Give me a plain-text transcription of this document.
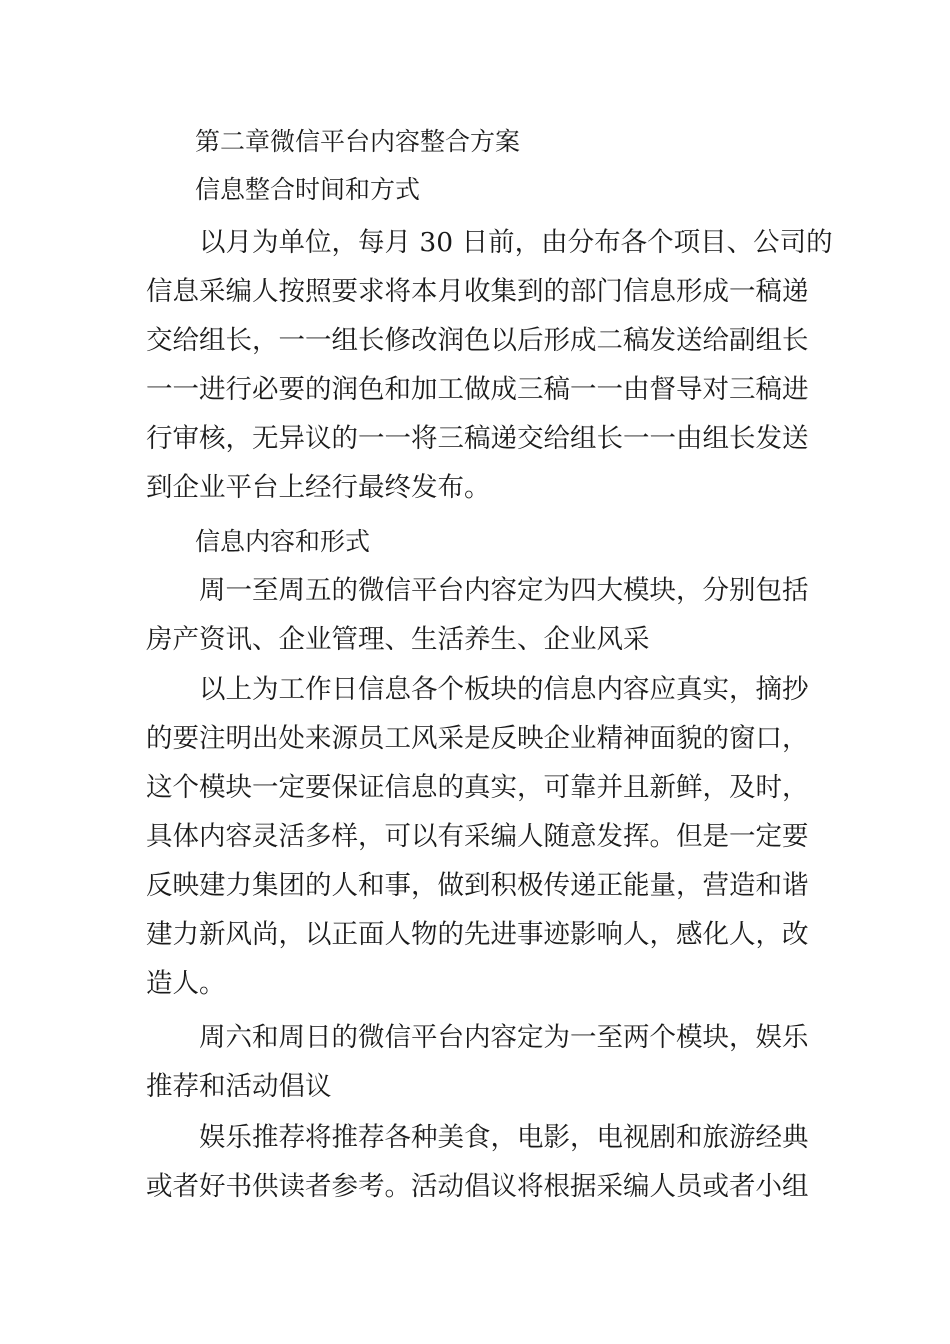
第二章微信平台内容整合方案
信息整合时间和方式
以月为单位，每月 30 日前，由分布各个项目、公司的
信息采编人按照要求将本月收集到的部门信息形成一稿递
交给组长，一一组长修改润色以后形成二稿发送给副组长
一一进行必要的润色和加工做成三稿一一由督导对三稿进
行审核，无异议的一一将三稿递交给组长一一由组长发送
到企业平台上经行最终发布。
信息内容和形式
周一至周五的微信平台内容定为四大模块，分别包括
房产资讯、企业管理、生活养生、企业风采
以上为工作日信息各个板块的信息内容应真实，摘抄
的要注明出处来源员工风采是反映企业精神面貌的窗口，
这个模块一定要保证信息的真实，可靠并且新鲜，及时，
具体内容灵活多样，可以有采编人随意发挥。但是一定要
反映建力集团的人和事，做到积极传递正能量，营造和谐
建力新风尚，以正面人物的先进事迹影响人，感化人，改
造人。
周六和周日的微信平台内容定为一至两个模块，娱乐
推荐和活动倡议
娱乐推荐将推荐各种美食，电影，电视剧和旅游经典
或者好书供读者参考。活动倡议将根据采编人员或者小组
